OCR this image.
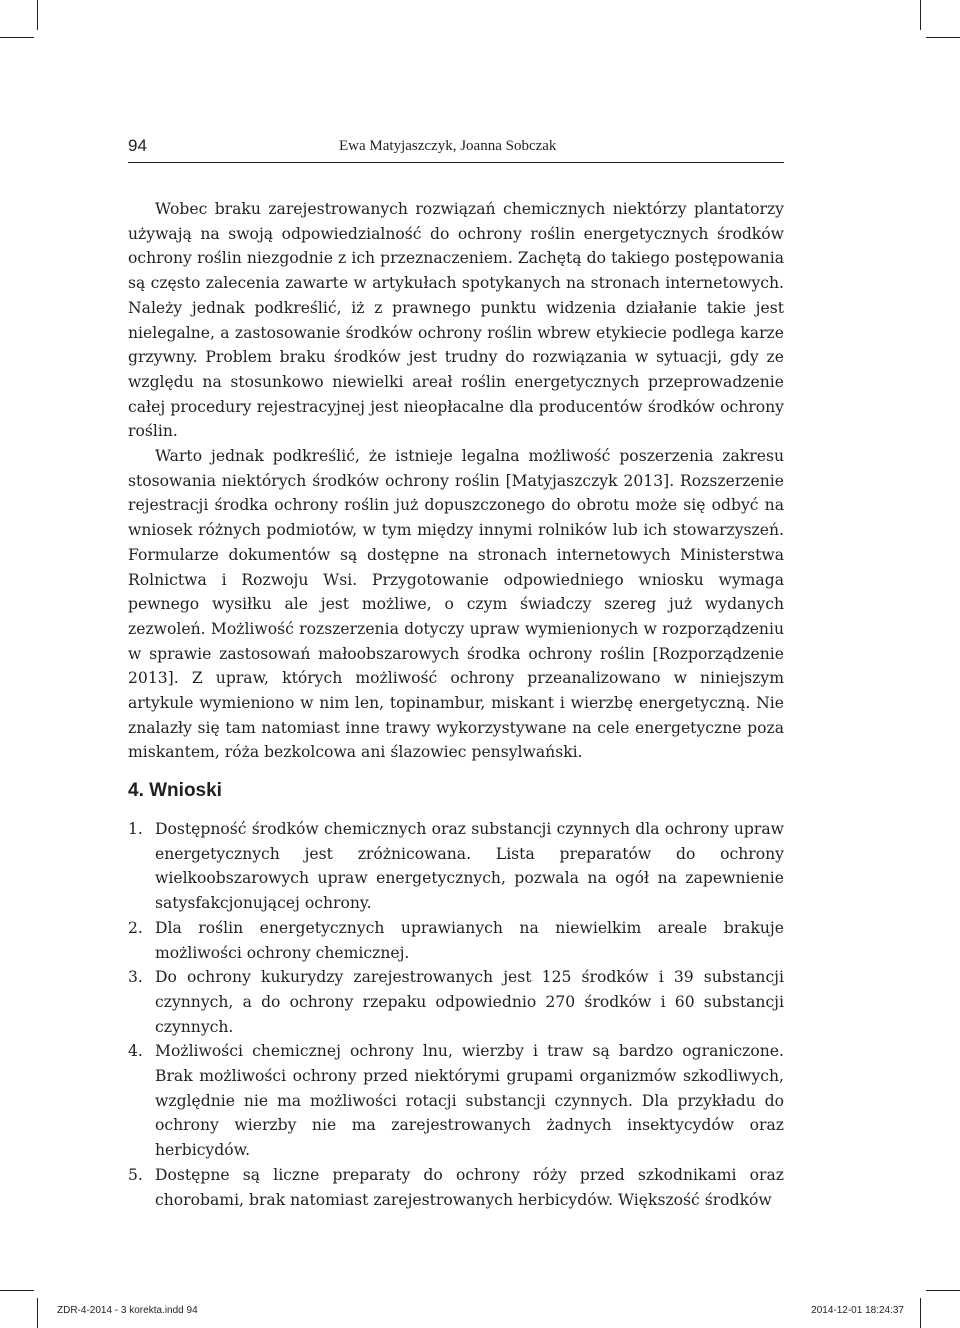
94	Ewa Matyjaszczyk, Joanna Sobczak

Wobec braku zarejestrowanych rozwiązań chemicznych niektórzy plantatorzy używają na swoją odpowiedzialność do ochrony roślin energetycznych środków ochrony roślin niezgodnie z ich przeznaczeniem. Zachętą do takiego postępowania są często zalecenia zawarte w artykułach spotykanych na stronach internetowych. Należy jednak podkreślić, iż z prawnego punktu widzenia działanie takie jest nielegalne, a zastosowanie środków ochrony roślin wbrew etykiecie podlega karze grzywny. Problem braku środków jest trudny do rozwiązania w sytuacji, gdy ze względu na stosunkowo niewielki areał roślin energetycznych przeprowadzenie całej procedury rejestracyjnej jest nieopłacalne dla producentów środków ochrony roślin.

Warto jednak podkreślić, że istnieje legalna możliwość poszerzenia zakresu stosowania niektórych środków ochrony roślin [Matyjaszczyk 2013]. Rozszerzenie rejestracji środka ochrony roślin już dopuszczonego do obrotu może się odbyć na wniosek różnych podmiotów, w tym między innymi rolników lub ich stowarzyszeń. Formularze dokumentów są dostępne na stronach internetowych Ministerstwa Rolnictwa i Rozwoju Wsi. Przygotowanie odpowiedniego wniosku wymaga pewnego wysiłku ale jest możliwe, o czym świadczy szereg już wydanych zezwoleń. Możliwość rozszerzenia dotyczy upraw wymienionych w rozporządzeniu w sprawie zastosowań małoobszarowych środka ochrony roślin [Rozporządzenie 2013]. Z upraw, których możliwość ochrony przeanalizowano w niniejszym artykule wymieniono w nim len, topinambur, miskant i wierzbę energetyczną. Nie znalazły się tam natomiast inne trawy wykorzystywane na cele energetyczne poza miskantem, róża bezkolcowa ani ślazowiec pensylwański.

4. Wnioski
1. Dostępność środków chemicznych oraz substancji czynnych dla ochrony upraw energetycznych jest zróżnicowana. Lista preparatów do ochrony wielkoobszarowych upraw energetycznych, pozwala na ogół na zapewnienie satysfakcjonującej ochrony.
2. Dla roślin energetycznych uprawianych na niewielkim areale brakuje możliwości ochrony chemicznej.
3. Do ochrony kukurydzy zarejestrowanych jest 125 środków i 39 substancji czynnych, a do ochrony rzepaku odpowiednio 270 środków i 60 substancji czynnych.
4. Możliwości chemicznej ochrony lnu, wierzby i traw są bardzo ograniczone. Brak możliwości ochrony przed niektórymi grupami organizmów szkodliwych, względnie nie ma możliwości rotacji substancji czynnych. Dla przykładu do ochrony wierzby nie ma zarejestrowanych żadnych insektycydów oraz herbicydów.
5. Dostępne są liczne preparaty do ochrony róży przed szkodnikami oraz chorobami, brak natomiast zarejestrowanych herbicydów. Większość środków
ZDR-4-2014 - 3 korekta.indd 94	2014-12-01 18:24:37
